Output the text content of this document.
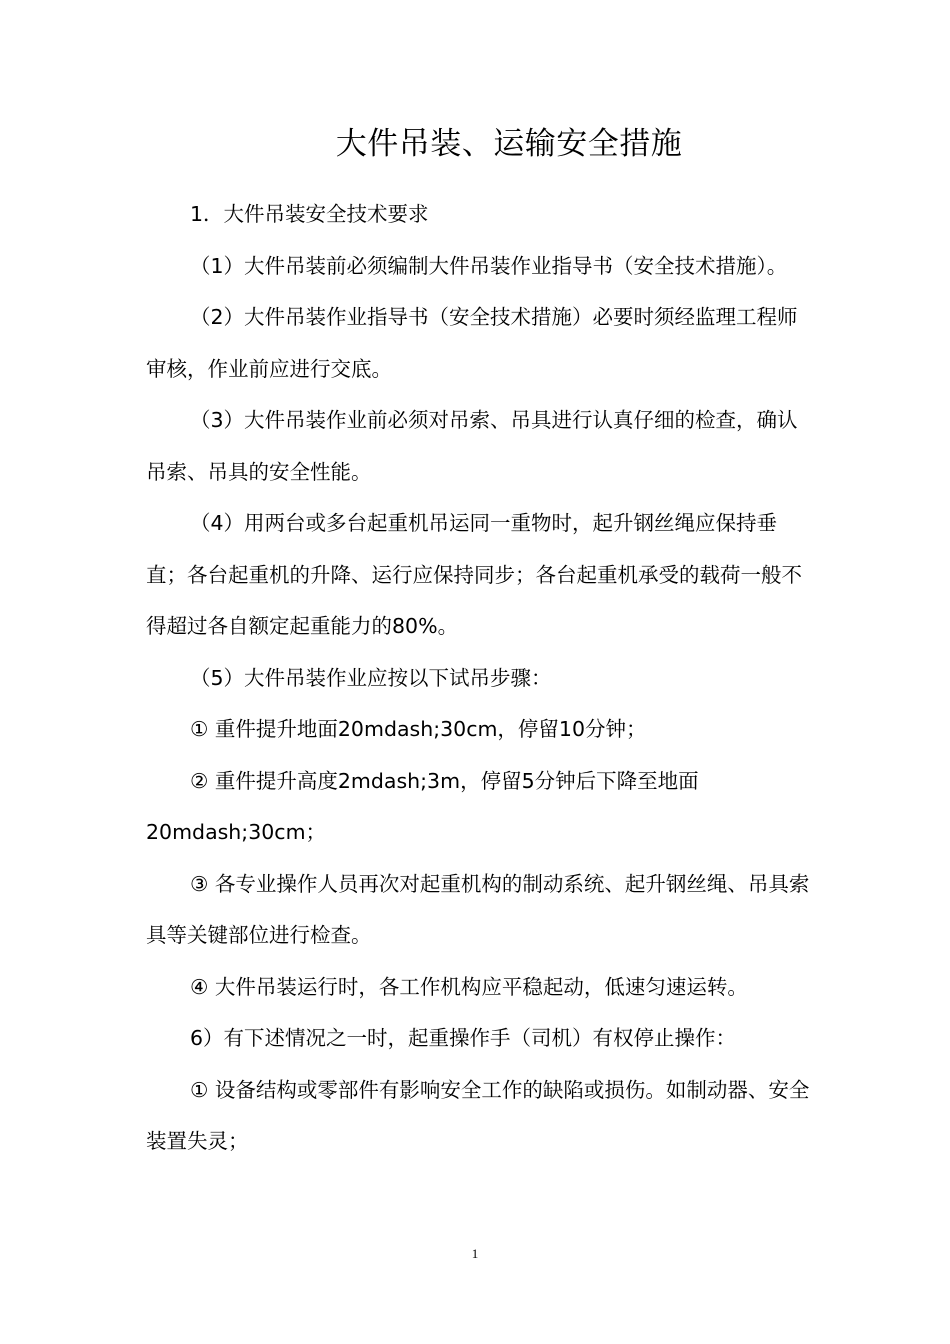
大件吊装、运输安全措施

1．大件吊装安全技术要求

（1）大件吊装前必须编制大件吊装作业指导书（安全技术措施）。

（2）大件吊装作业指导书（安全技术措施）必要时须经监理工程师审核，作业前应进行交底。

（3）大件吊装作业前必须对吊索、吊具进行认真仔细的检查，确认吊索、吊具的安全性能。

（4）用两台或多台起重机吊运同一重物时，起升钢丝绳应保持垂直；各台起重机的升降、运行应保持同步；各台起重机承受的载荷一般不得超过各自额定起重能力的80%。

（5）大件吊装作业应按以下试吊步骤：

① 重件提升地面20mdash;30cm，停留10分钟；

② 重件提升高度2mdash;3m，停留5分钟后下降至地面20mdash;30cm；

③ 各专业操作人员再次对起重机构的制动系统、起升钢丝绳、吊具索具等关键部位进行检查。

④ 大件吊装运行时，各工作机构应平稳起动，低速匀速运转。

6）有下述情况之一时，起重操作手（司机）有权停止操作：

① 设备结构或零部件有影响安全工作的缺陷或损伤。如制动器、安全装置失灵；

1
